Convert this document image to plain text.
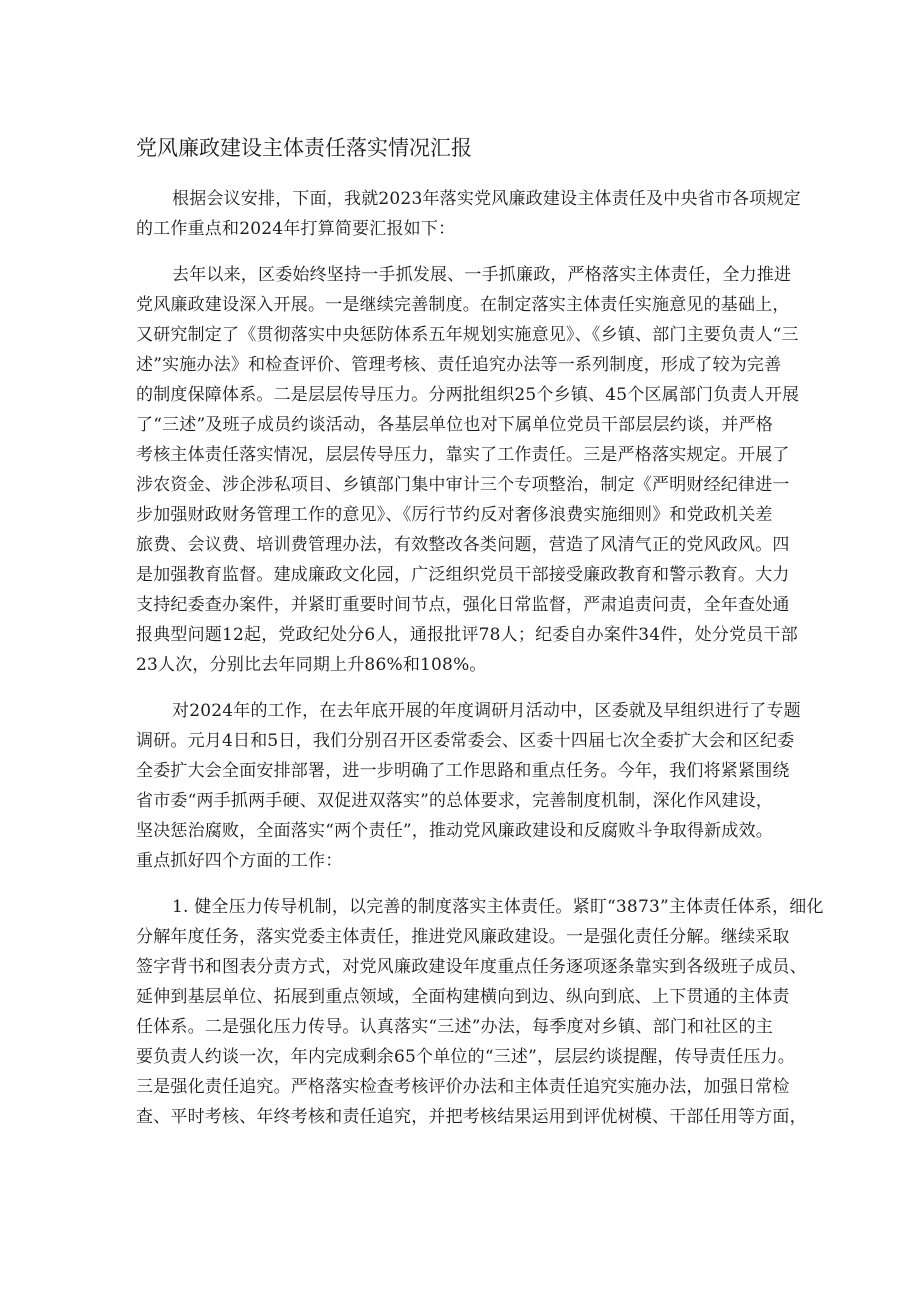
党风廉政建设主体责任落实情况汇报
根据会议安排，下面，我就2023年落实党风廉政建设主体责任及中央省市各项规定
的工作重点和2024年打算简要汇报如下：
去年以来，区委始终坚持一手抓发展、一手抓廉政，严格落实主体责任，全力推进
党风廉政建设深入开展。一是继续完善制度。在制定落实主体责任实施意见的基础上，
又研究制定了《贯彻落实中央惩防体系五年规划实施意见》、《乡镇、部门主要负责人“三
述”实施办法》和检查评价、管理考核、责任追究办法等一系列制度，形成了较为完善
的制度保障体系。二是层层传导压力。分两批组织25个乡镇、45个区属部门负责人开展
了“三述”及班子成员约谈活动，各基层单位也对下属单位党员干部层层约谈，并严格
考核主体责任落实情况，层层传导压力，靠实了工作责任。三是严格落实规定。开展了
涉农资金、涉企涉私项目、乡镇部门集中审计三个专项整治，制定《严明财经纪律进一
步加强财政财务管理工作的意见》、《厉行节约反对奢侈浪费实施细则》和党政机关差
旅费、会议费、培训费管理办法，有效整改各类问题，营造了风清气正的党风政风。四
是加强教育监督。建成廉政文化园，广泛组织党员干部接受廉政教育和警示教育。大力
支持纪委查办案件，并紧盯重要时间节点，强化日常监督，严肃追责问责，全年查处通
报典型问题12起，党政纪处分6人，通报批评78人；纪委自办案件34件，处分党员干部
23人次，分别比去年同期上升86%和108%。
对2024年的工作，在去年底开展的年度调研月活动中，区委就及早组织进行了专题
调研。元月4日和5日，我们分别召开区委常委会、区委十四届七次全委扩大会和区纪委
全委扩大会全面安排部署，进一步明确了工作思路和重点任务。今年，我们将紧紧围绕
省市委“两手抓两手硬、双促进双落实”的总体要求，完善制度机制，深化作风建设，
坚决惩治腐败，全面落实“两个责任”，推动党风廉政建设和反腐败斗争取得新成效。
重点抓好四个方面的工作：
1. 健全压力传导机制，以完善的制度落实主体责任。紧盯“3873”主体责任体系，细化
分解年度任务，落实党委主体责任，推进党风廉政建设。一是强化责任分解。继续采取
签字背书和图表分责方式，对党风廉政建设年度重点任务逐项逐条靠实到各级班子成员、
延伸到基层单位、拓展到重点领域，全面构建横向到边、纵向到底、上下贯通的主体责
任体系。二是强化压力传导。认真落实“三述”办法，每季度对乡镇、部门和社区的主
要负责人约谈一次，年内完成剩余65个单位的“三述”，层层约谈提醒，传导责任压力。
三是强化责任追究。严格落实检查考核评价办法和主体责任追究实施办法，加强日常检
查、平时考核、年终考核和责任追究，并把考核结果运用到评优树模、干部任用等方面，
